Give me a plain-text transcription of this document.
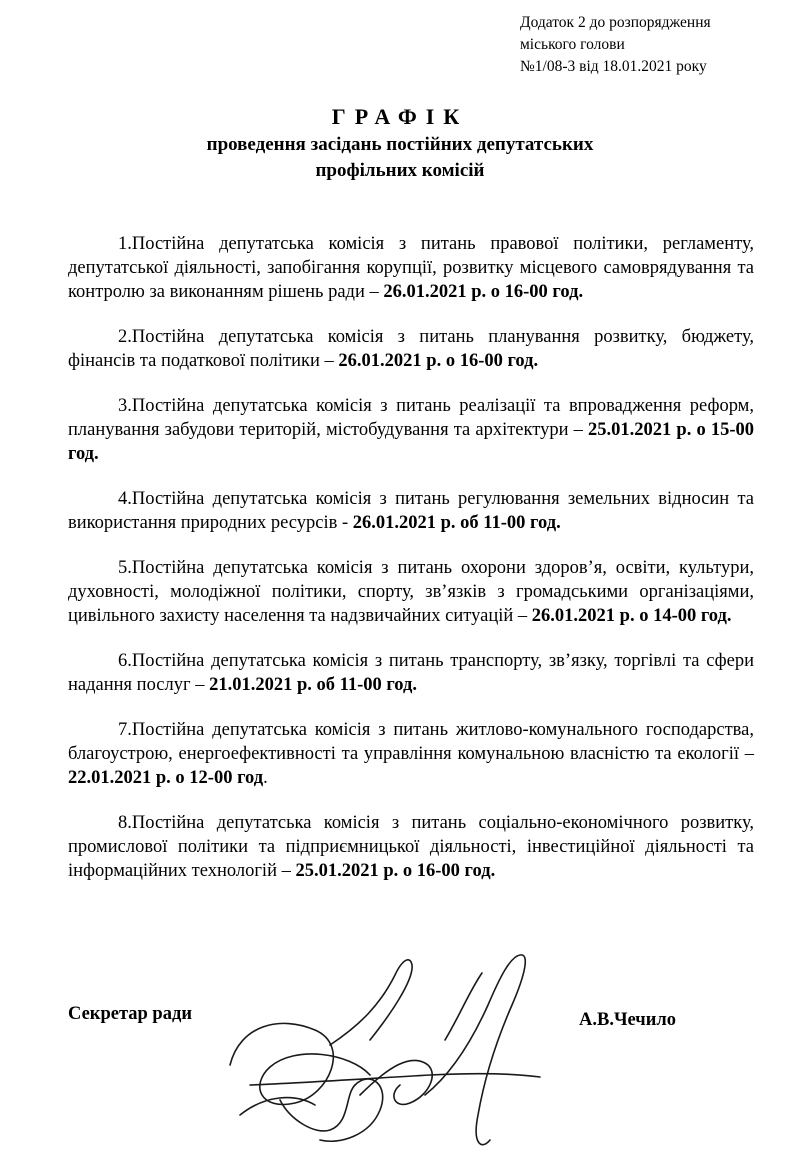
Додаток 2 до розпорядження
міського голови
№1/08-3 від 18.01.2021 року
ГРАФІК
проведення засідань постійних депутатських
профільних комісій

1.Постійна депутатська комісія з питань правової політики, регламенту, депутатської діяльності, запобігання корупції, розвитку місцевого самоврядування та контролю за виконанням рішень ради – 26.01.2021 р. о 16-00 год.

2.Постійна депутатська комісія з питань планування розвитку, бюджету, фінансів та податкової політики – 26.01.2021 р. о 16-00 год.

3.Постійна депутатська комісія з питань реалізації та впровадження реформ, планування забудови територій, містобудування та архітектури – 25.01.2021 р. о 15-00 год.

4.Постійна депутатська комісія з питань регулювання земельних відносин та використання природних ресурсів - 26.01.2021 р. об 11-00 год.

5.Постійна депутатська комісія з питань охорони здоров’я, освіти, культури, духовності, молодіжної політики, спорту, зв’язків з громадськими організаціями, цивільного захисту населення та надзвичайних ситуацій – 26.01.2021 р. о 14-00 год.

6.Постійна депутатська комісія з питань транспорту, зв’язку, торгівлі та сфери надання послуг – 21.01.2021 р. об 11-00 год.

7.Постійна депутатська комісія з питань житлово-комунального господарства, благоустрою, енергоефективності та управління комунальною власністю та екології – 22.01.2021 р. о 12-00 год.

8.Постійна депутатська комісія з питань соціально-економічного розвитку, промислової політики та підприємницької діяльності, інвестиційної діяльності та інформаційних технологій – 25.01.2021 р. о 16-00 год.

Секретар ради	А.В.Чечило
